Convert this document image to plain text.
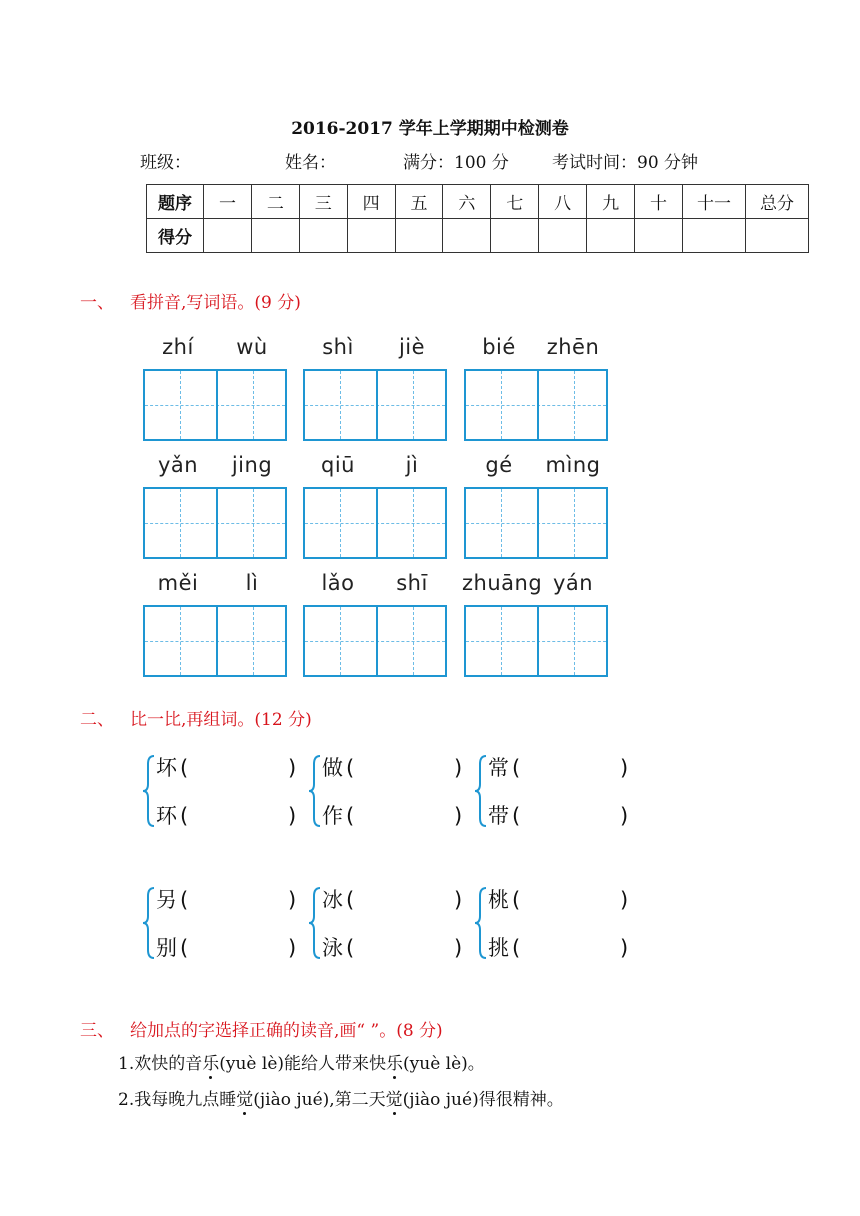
2016-2017 学年上学期期中检测卷
班级：	姓名：	满分：100 分	考试时间：90 分钟
题序	一	二	三	四	五	六	七	八	九	十	十一	总分
得分												
一、 看拼音,写词语。(9 分)
zhí	wù	shì	jiè	bié	zhēn
yǎn	jing	qiū	jì	gé	mìng
měi	lì	lǎo	shī	zhuāng yán
二、 比一比,再组词。(12 分)
坏 (	)
环 (	)
做 (	)
作 (	)
常 (	)
带 (	)
另 (	)
别 (	)
冰 (	)
泳 (	)
桃 (	)
挑 (	)
三、 给加点的字选择正确的读音,画“ ”。(8 分)
1.欢快的音乐(yuè lè)能给人带来快乐(yuè lè)。
2.我每晚九点睡觉(jiào jué),第二天觉(jiào jué)得很精神。
